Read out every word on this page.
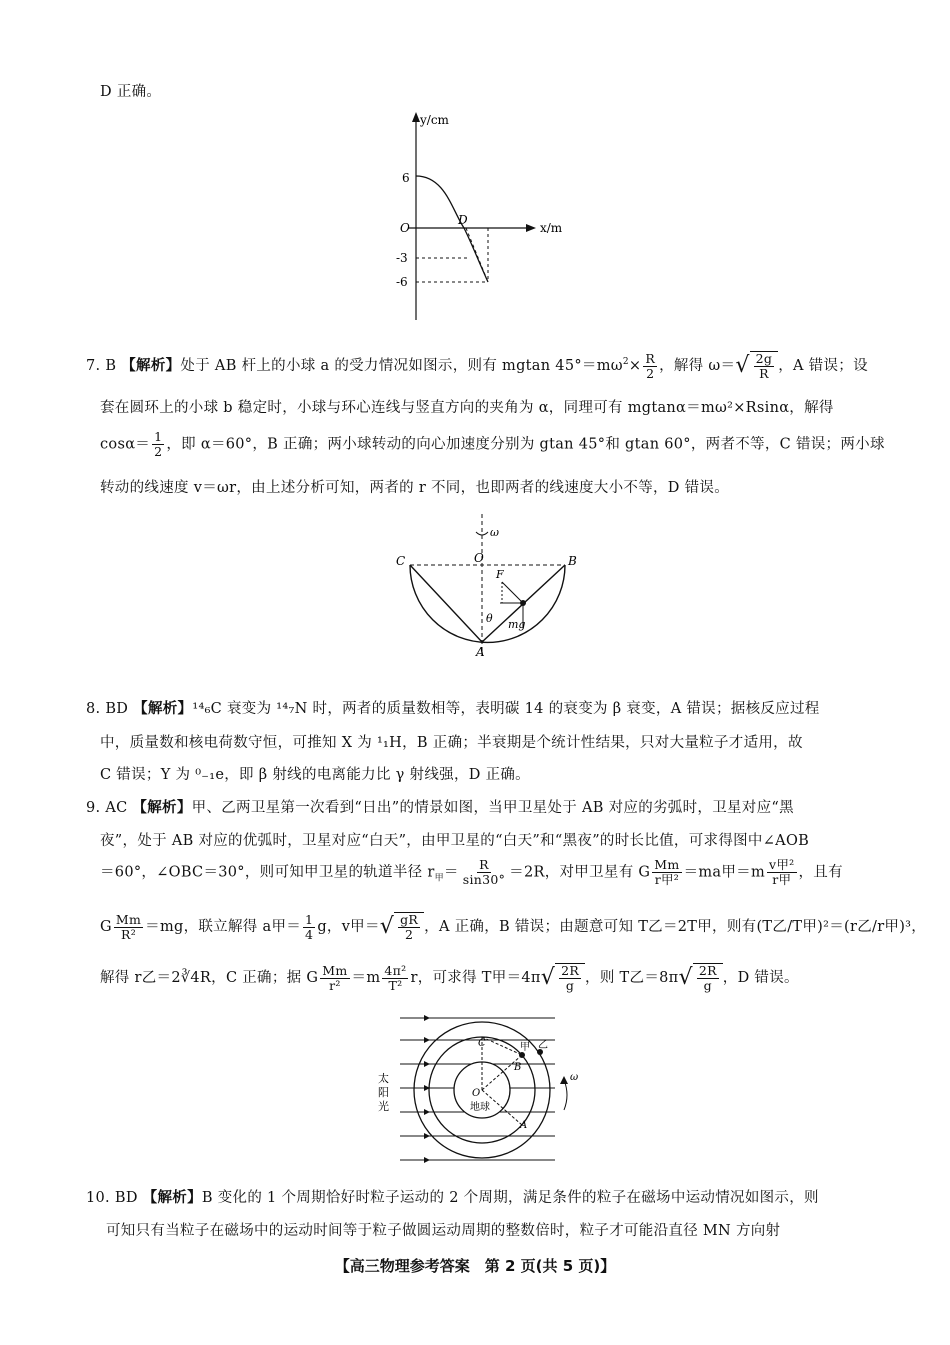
D 正确。
y/cm
x/m
O
D
6
-3
-6
7. B 【解析】处于 AB 杆上的小球 a 的受力情况如图示，则有 mgtan $45^\circ=m\omega^2\times \frac{R}{2}$ ，解得 ω＝ √ $\frac{2g}{R}$ ，A 错误；设
套在圆环上的小球 b 稳定时，小球与环心连线与竖直方向的夹角为 α，同理可有 mgtanα＝mω²×Rsinα，解得
$\cos\alpha= \frac{1}{2}$ ，即 α＝60°，B 正确；两小球转动的向心加速度分别为 gtan 45°和 gtan 60°，两者不等，C 错误；两小球
转动的线速度 v＝ωr，由上述分析可知，两者的 r 不同，也即两者的线速度大小不等，D 错误。
ω
O
C	B
A
F
θ mg
8. BD 【解析】¹⁴₆C 衰变为 ¹⁴₇N 时，两者的质量数相等，表明碳 14 的衰变为 β 衰变，A 错误；据核反应过程
中，质量数和核电荷数守恒，可推知 X 为 ¹₁H，B 正确；半衰期是个统计性结果，只对大量粒子才适用，故
C 错误；Y 为 ⁰₋₁e，即 β 射线的电离能力比 γ 射线强，D 正确。
9. AC 【解析】甲、乙两卫星第一次看到“日出”的情景如图，当甲卫星处于 AB 对应的劣弧时，卫星对应“黑
夜”，处于 AB 对应的优弧时，卫星对应“白天”，由甲卫星的“白天”和“黑夜”的时长比值，可求得图中∠AOB
＝60°，∠OBC＝30°，则可知甲卫星的轨道半径 $r_甲= \frac{R}{\sin 30^\circ} =2R$，对甲卫星有 G $\frac{Mm}{\text{r甲²}} =ma$甲$=m \frac{\text{v甲²}}{\text{r甲}}$ ，且有
G $\frac{Mm}{\text{R²}} =mg$，联立解得 a甲＝ $\frac{1}{4}$ g，v甲＝ √ $\frac{gR}{2}$ ，A 正确，B 错误；由题意可知 T乙＝2T甲，则有(T乙/T甲)²＝(r乙/r甲)³，
解得 r乙＝2∛4R，C 正确；据 G $\frac{Mm}{\text{r²}} =m \frac{\text{4π²}}{\text{T²}}$ r，可求得 T甲＝4π √ $\frac{2R}{g}$ ，则 T乙＝8π √ $\frac{2R}{g}$ ，D 错误。
太
阳
光
C
B
A
O
地球
甲 乙
ω
10. BD 【解析】B 变化的 1 个周期恰好时粒子运动的 2 个周期，满足条件的粒子在磁场中运动情况如图示，则
可知只有当粒子在磁场中的运动时间等于粒子做圆运动周期的整数倍时，粒子才可能沿直径 MN 方向射
【高三物理参考答案　第 2 页(共 5 页)】
